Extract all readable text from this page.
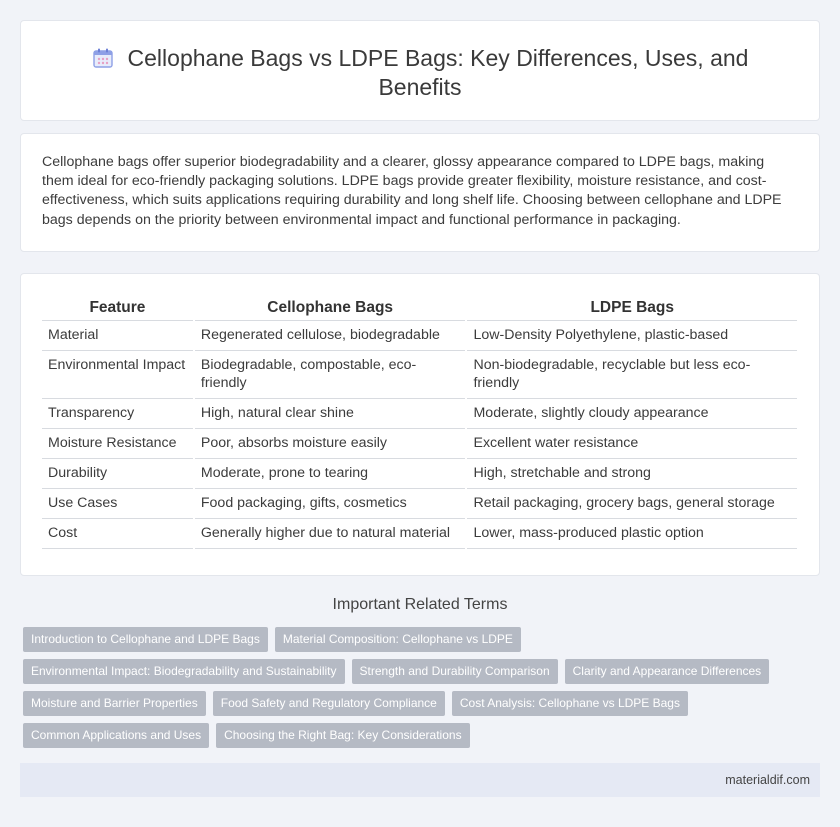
Cellophane Bags vs LDPE Bags: Key Differences, Uses, and Benefits

Cellophane bags offer superior biodegradability and a clearer, glossy appearance compared to LDPE bags, making them ideal for eco-friendly packaging solutions. LDPE bags provide greater flexibility, moisture resistance, and cost-effectiveness, which suits applications requiring durability and long shelf life. Choosing between cellophane and LDPE bags depends on the priority between environmental impact and functional performance in packaging.

Feature	Cellophane Bags	LDPE Bags
Material	Regenerated cellulose, biodegradable	Low-Density Polyethylene, plastic-based
Environmental Impact	Biodegradable, compostable, eco-friendly	Non-biodegradable, recyclable but less eco-friendly
Transparency	High, natural clear shine	Moderate, slightly cloudy appearance
Moisture Resistance	Poor, absorbs moisture easily	Excellent water resistance
Durability	Moderate, prone to tearing	High, stretchable and strong
Use Cases	Food packaging, gifts, cosmetics	Retail packaging, grocery bags, general storage
Cost	Generally higher due to natural material	Lower, mass-produced plastic option
Important Related Terms
Introduction to Cellophane and LDPE Bags	Material Composition: Cellophane vs LDPE
Environmental Impact: Biodegradability and Sustainability	Strength and Durability Comparison	Clarity and Appearance Differences
Moisture and Barrier Properties	Food Safety and Regulatory Compliance	Cost Analysis: Cellophane vs LDPE Bags
Common Applications and Uses	Choosing the Right Bag: Key Considerations
materialdif.com
